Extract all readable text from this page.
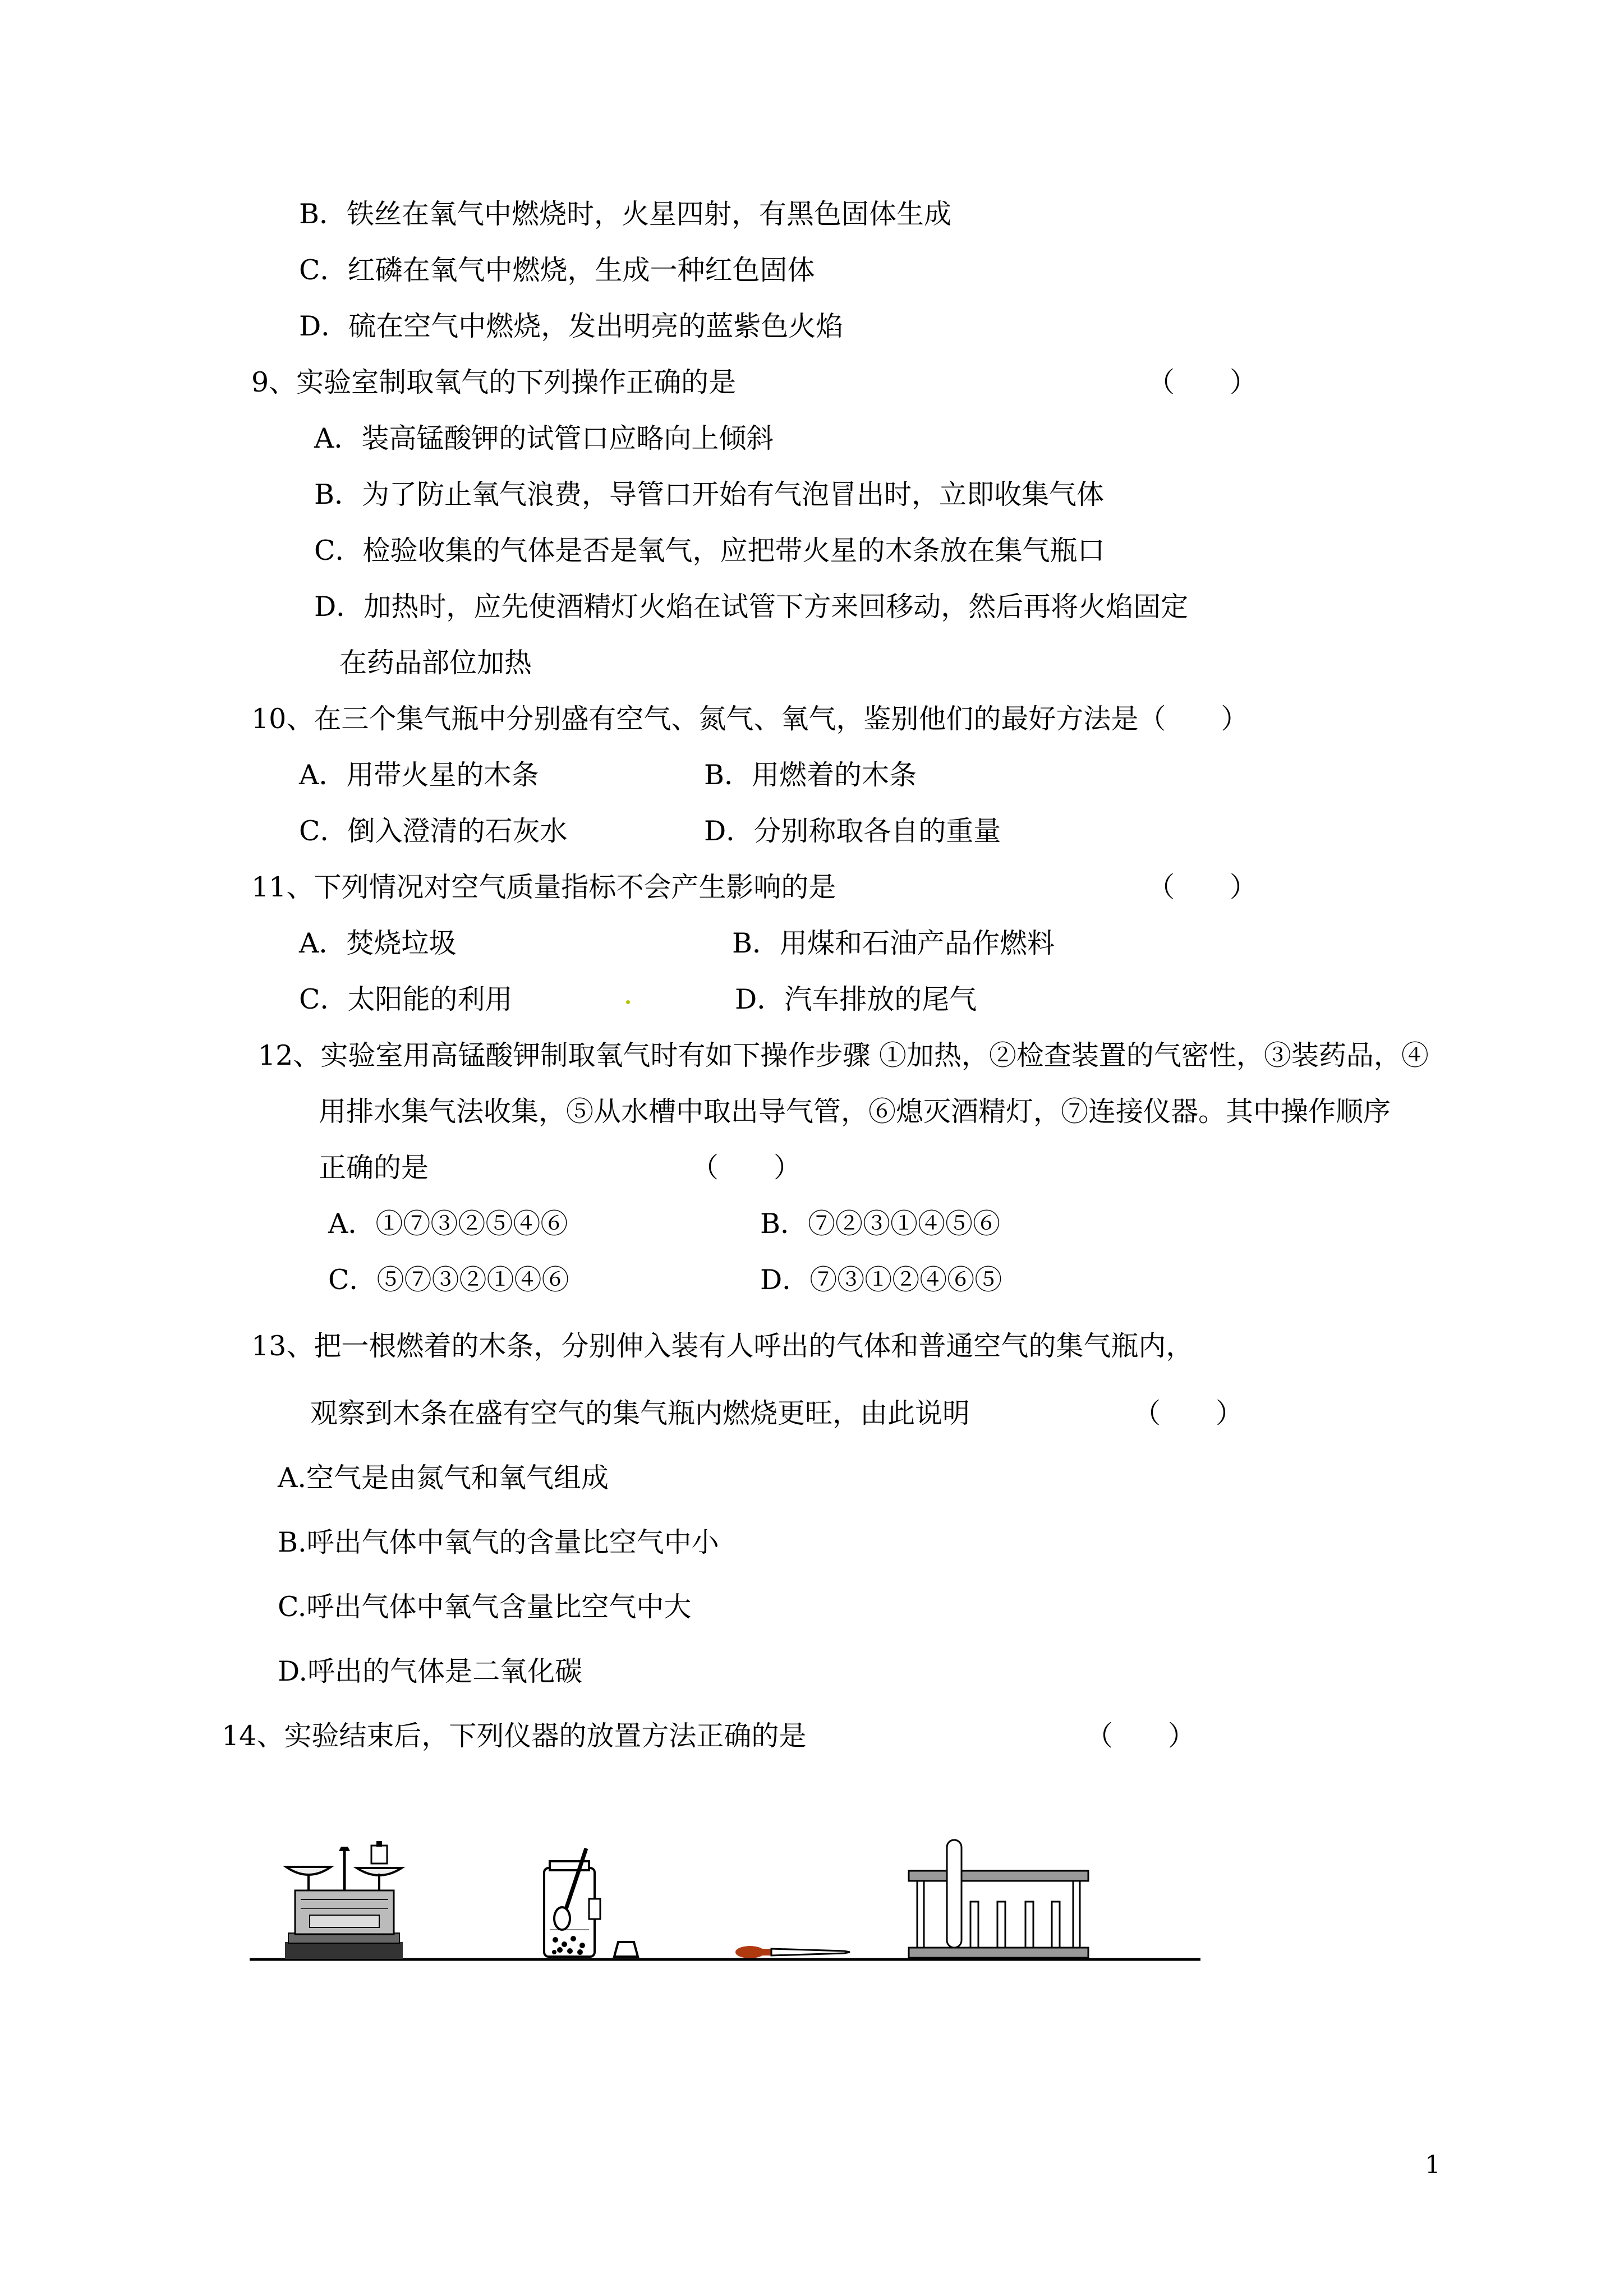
B．铁丝在氧气中燃烧时，火星四射，有黑色固体生成
C．红磷在氧气中燃烧，生成一种红色固体
D．硫在空气中燃烧，发出明亮的蓝紫色火焰
9、实验室制取氧气的下列操作正确的是	（　　）
A．装高锰酸钾的试管口应略向上倾斜
B．为了防止氧气浪费，导管口开始有气泡冒出时，立即收集气体
C．检验收集的气体是否是氧气，应把带火星的木条放在集气瓶口
D．加热时，应先使酒精灯火焰在试管下方来回移动，然后再将火焰固定
在药品部位加热
10、在三个集气瓶中分别盛有空气、氮气、氧气，鉴别他们的最好方法是（　　）
A．用带火星的木条	B．用燃着的木条
C．倒入澄清的石灰水	D．分别称取各自的重量
11、下列情况对空气质量指标不会产生影响的是	（　　）
A．焚烧垃圾	B．用煤和石油产品作燃料
C．太阳能的利用	D．汽车排放的尾气
12、实验室用高锰酸钾制取氧气时有如下操作步骤 ①加热，②检查装置的气密性，③装药品，④
用排水集气法收集，⑤从水槽中取出导气管，⑥熄灭酒精灯，⑦连接仪器。其中操作顺序
正确的是	（　　）
A．①⑦③②⑤④⑥	B．⑦②③①④⑤⑥
C．⑤⑦③②①④⑥	D．⑦③①②④⑥⑤
13、把一根燃着的木条，分别伸入装有人呼出的气体和普通空气的集气瓶内，
观察到木条在盛有空气的集气瓶内燃烧更旺，由此说明	（　　）
A.空气是由氮气和氧气组成
B.呼出气体中氧气的含量比空气中小
C.呼出气体中氧气含量比空气中大
D.呼出的气体是二氧化碳
14、实验结束后，下列仪器的放置方法正确的是	（　　）
1
